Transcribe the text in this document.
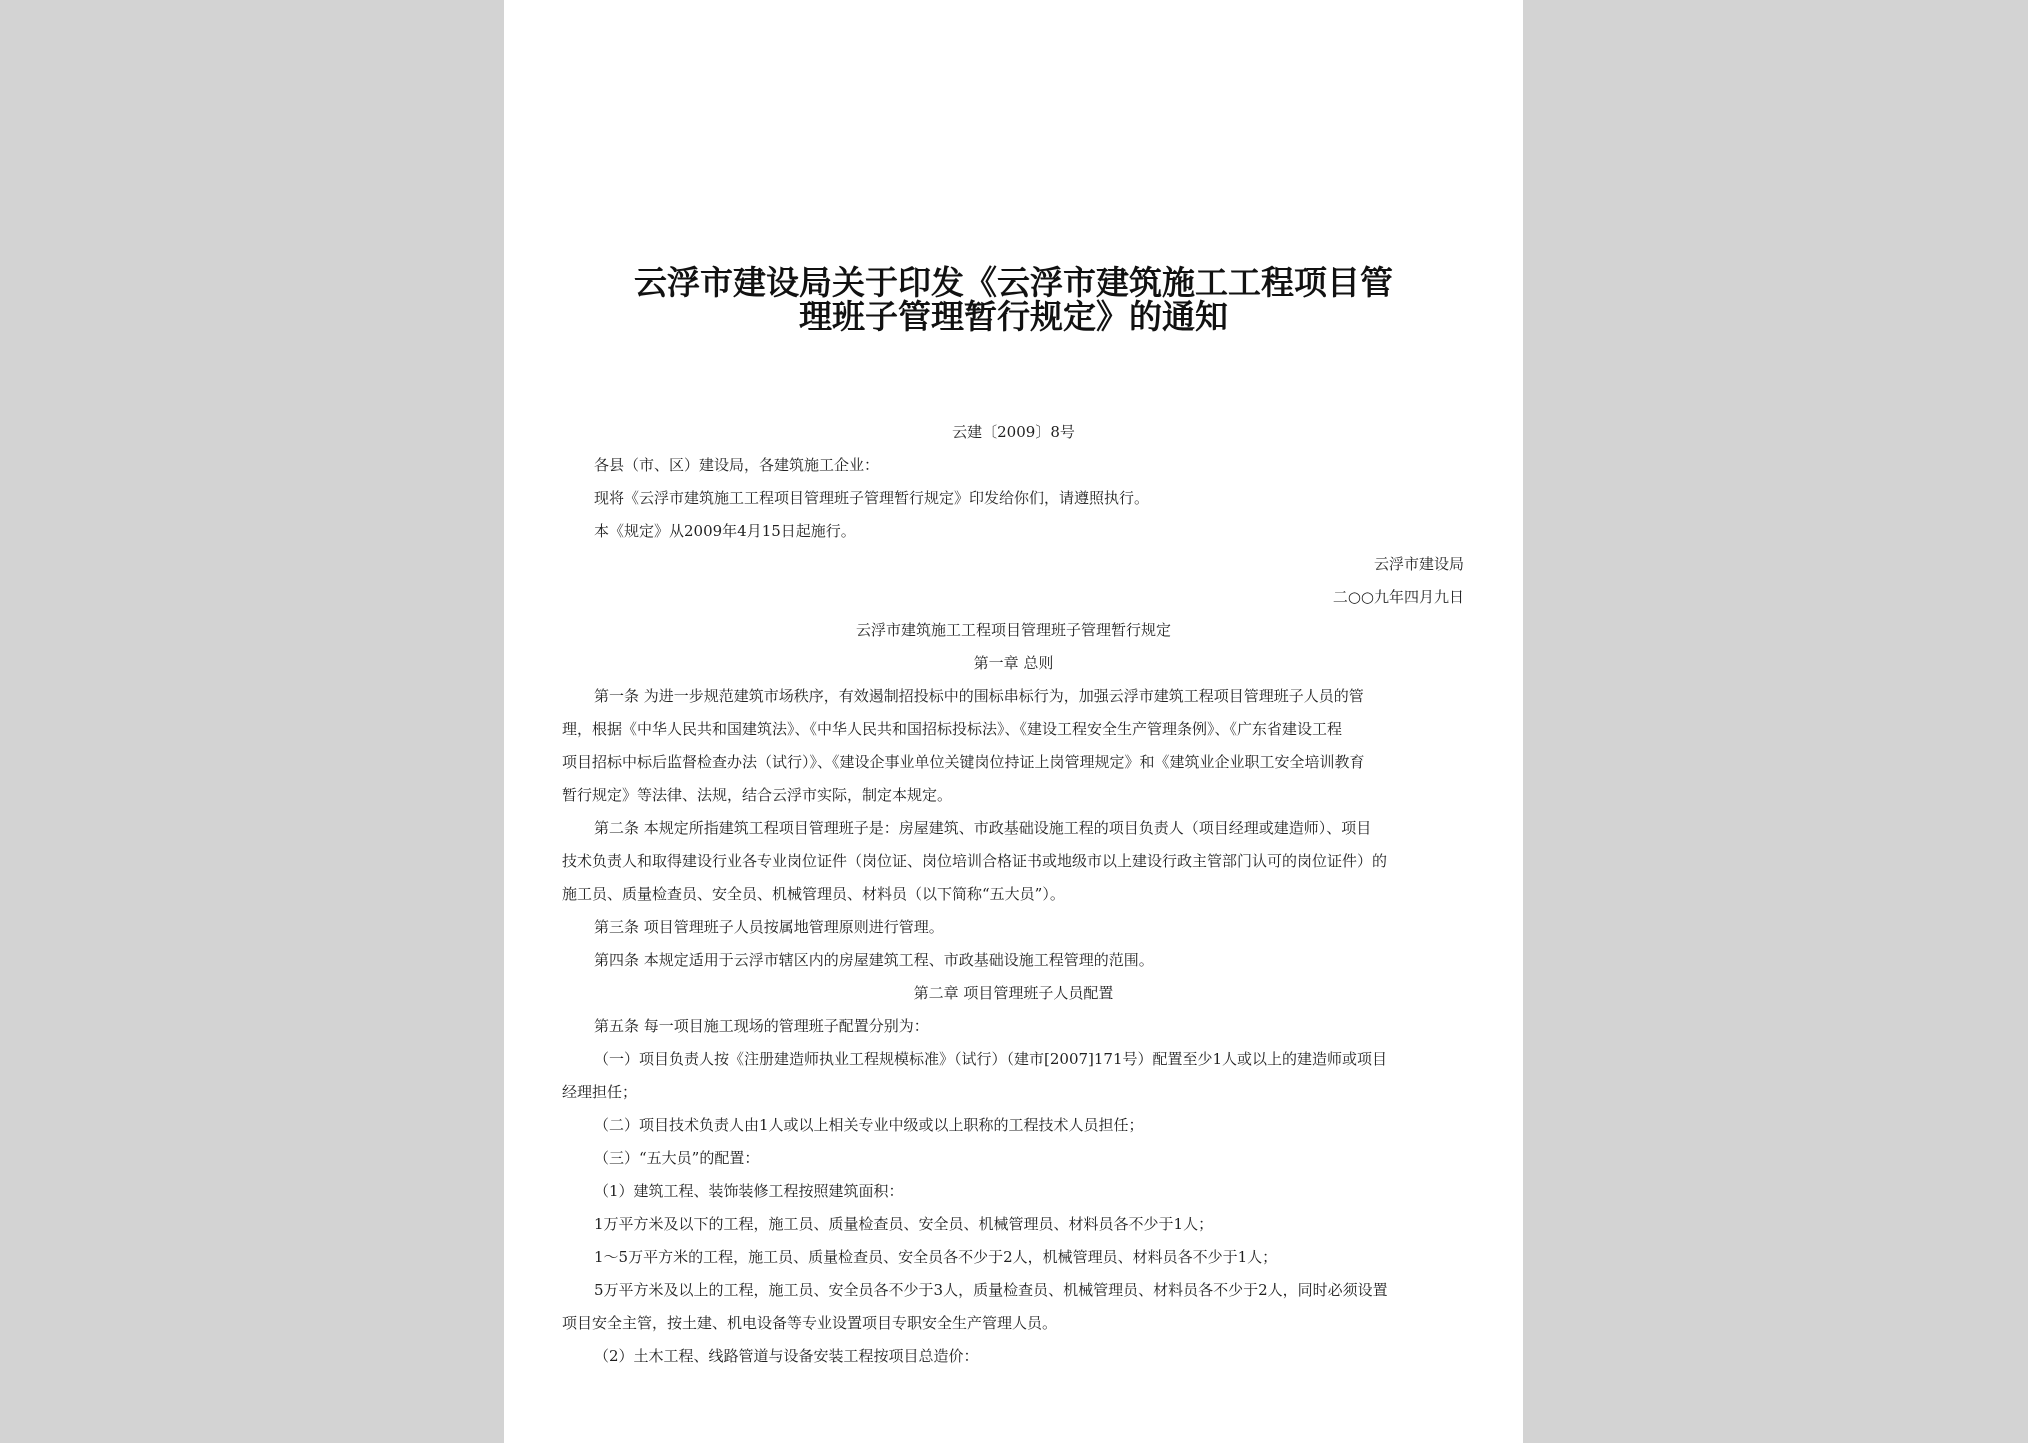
云浮市建设局关于印发《云浮市建筑施工工程项目管
理班子管理暂行规定》的通知
云建〔2009〕8号
各县（市、区）建设局，各建筑施工企业：
现将《云浮市建筑施工工程项目管理班子管理暂行规定》印发给你们，请遵照执行。
本《规定》从2009年4月15日起施行。
云浮市建设局
二○○九年四月九日
云浮市建筑施工工程项目管理班子管理暂行规定
第一章 总则
第一条 为进一步规范建筑市场秩序，有效遏制招投标中的围标串标行为，加强云浮市建筑工程项目管理班子人员的管
理，根据《中华人民共和国建筑法》、《中华人民共和国招标投标法》、《建设工程安全生产管理条例》、《广东省建设工程
项目招标中标后监督检查办法（试行）》、《建设企事业单位关键岗位持证上岗管理规定》和《建筑业企业职工安全培训教育
暂行规定》等法律、法规，结合云浮市实际，制定本规定。
第二条 本规定所指建筑工程项目管理班子是：房屋建筑、市政基础设施工程的项目负责人（项目经理或建造师）、项目
技术负责人和取得建设行业各专业岗位证件（岗位证、岗位培训合格证书或地级市以上建设行政主管部门认可的岗位证件）的
施工员、质量检查员、安全员、机械管理员、材料员（以下简称“五大员”）。
第三条 项目管理班子人员按属地管理原则进行管理。
第四条 本规定适用于云浮市辖区内的房屋建筑工程、市政基础设施工程管理的范围。
第二章 项目管理班子人员配置
第五条 每一项目施工现场的管理班子配置分别为：
（一）项目负责人按《注册建造师执业工程规模标准》（试行）（建市[2007]171号）配置至少1人或以上的建造师或项目
经理担任；
（二）项目技术负责人由1人或以上相关专业中级或以上职称的工程技术人员担任；
（三）“五大员”的配置：
（1）建筑工程、装饰装修工程按照建筑面积：
1万平方米及以下的工程，施工员、质量检查员、安全员、机械管理员、材料员各不少于1人；
1～5万平方米的工程，施工员、质量检查员、安全员各不少于2人，机械管理员、材料员各不少于1人；
5万平方米及以上的工程，施工员、安全员各不少于3人，质量检查员、机械管理员、材料员各不少于2人，同时必须设置
项目安全主管，按土建、机电设备等专业设置项目专职安全生产管理人员。
（2）土木工程、线路管道与设备安装工程按项目总造价：
